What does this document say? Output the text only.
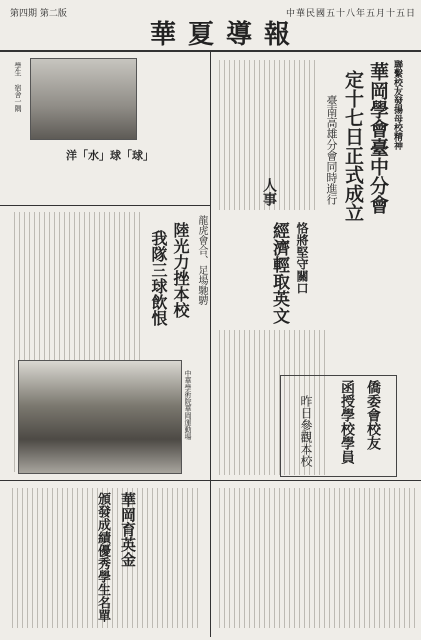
第四期 第二版
華夏導報
中華民國五十八年五月十五日
聯繫校友發揚母校精神
華岡學會臺中分會
定十七日正式成立
臺南高雄分會同時進行
人事
恪將堅守關口
經濟輕取英文
僑委會校友
函授學校學員
昨日參觀本校
學生 宿舍一隅
洋「水」球「球」
龍虎會合、足場馳騁
陸光力挫本校
我隊三球飲恨
中華學術院華岡運動場
華岡育英金
頒發成績優秀學生名單
